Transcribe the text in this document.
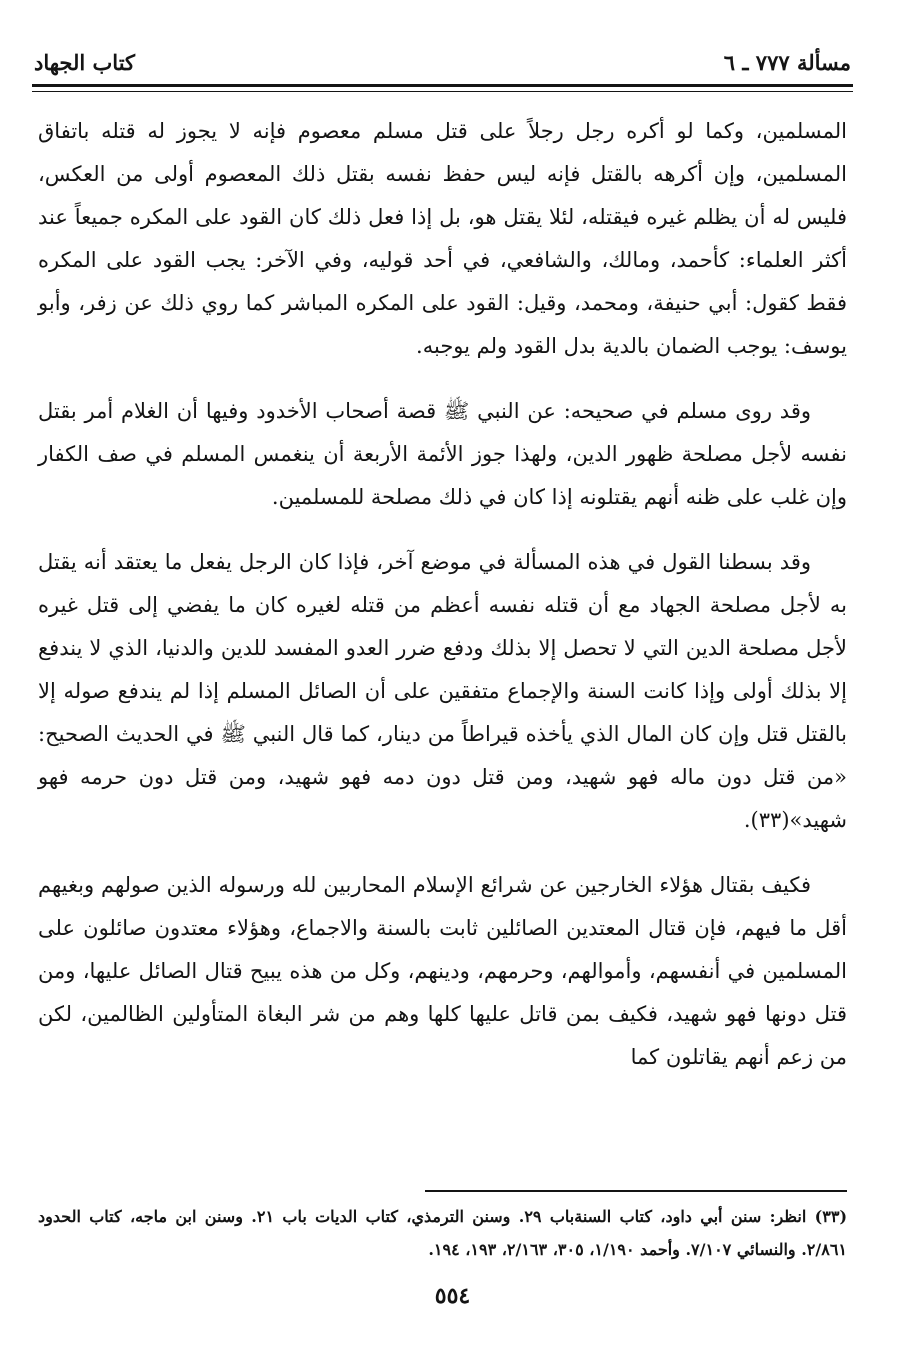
مسألة ٧٧٧ ـ ٦
كتاب الجهاد

المسلمين، وكما لو أكره رجل رجلاً على قتل مسلم معصوم فإنه لا يجوز له قتله باتفاق المسلمين، وإن أكرهه بالقتل فإنه ليس حفظ نفسه بقتل ذلك المعصوم أولى من العكس، فليس له أن يظلم غيره فيقتله، لئلا يقتل هو، بل إذا فعل ذلك كان القود على المكره جميعاً عند أكثر العلماء: كأحمد، ومالك، والشافعي، في أحد قوليه، وفي الآخر: يجب القود على المكره فقط كقول: أبي حنيفة، ومحمد، وقيل: القود على المكره المباشر كما روي ذلك عن زفر، وأبو يوسف: يوجب الضمان بالدية بدل القود ولم يوجبه.

وقد روى مسلم في صحيحه: عن النبي ﷺ قصة أصحاب الأخدود وفيها أن الغلام أمر بقتل نفسه لأجل مصلحة ظهور الدين، ولهذا جوز الأئمة الأربعة أن ينغمس المسلم في صف الكفار وإن غلب على ظنه أنهم يقتلونه إذا كان في ذلك مصلحة للمسلمين.

وقد بسطنا القول في هذه المسألة في موضع آخر، فإذا كان الرجل يفعل ما يعتقد أنه يقتل به لأجل مصلحة الجهاد مع أن قتله نفسه أعظم من قتله لغيره كان ما يفضي إلى قتل غيره لأجل مصلحة الدين التي لا تحصل إلا بذلك ودفع ضرر العدو المفسد للدين والدنيا، الذي لا يندفع إلا بذلك أولى وإذا كانت السنة والإجماع متفقين على أن الصائل المسلم إذا لم يندفع صوله إلا بالقتل قتل وإن كان المال الذي يأخذه قيراطاً من دينار، كما قال النبي ﷺ في الحديث الصحيح: «من قتل دون ماله فهو شهيد، ومن قتل دون دمه فهو شهيد، ومن قتل دون حرمه فهو شهيد»(٣٣).

فكيف بقتال هؤلاء الخارجين عن شرائع الإسلام المحاربين لله ورسوله الذين صولهم وبغيهم أقل ما فيهم، فإن قتال المعتدين الصائلين ثابت بالسنة والاجماع، وهؤلاء معتدون صائلون على المسلمين في أنفسهم، وأموالهم، وحرمهم، ودينهم، وكل من هذه يبيح قتال الصائل عليها، ومن قتل دونها فهو شهيد، فكيف بمن قاتل عليها كلها وهم من شر البغاة المتأولين الظالمين، لكن من زعم أنهم يقاتلون كما

(٣٣) انظر: سنن أبي داود، كتاب السنةباب ٢٩. وسنن الترمذي، كتاب الديات باب ٢١. وسنن ابن ماجه، كتاب الحدود ٢/٨٦١. والنسائي ٧/١٠٧. وأحمد ١/١٩٠، ٣٠٥، ٢/١٦٣، ١٩٣، ١٩٤.
٥٥٤
